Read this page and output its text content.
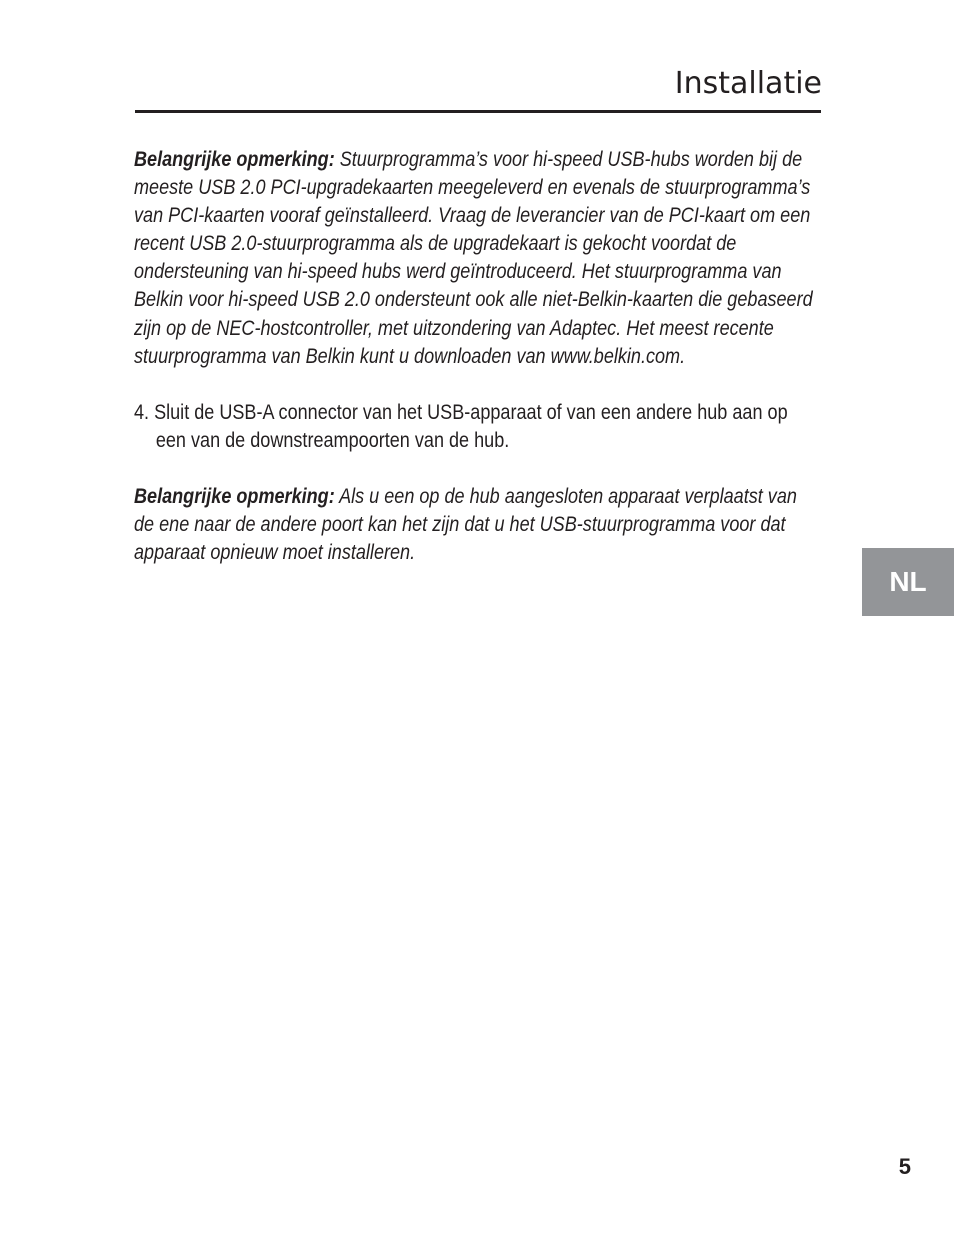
Installatie

Belangrijke opmerking: Stuurprogramma’s voor hi-speed USB-hubs worden bij de meeste USB 2.0 PCI-upgradekaarten meegeleverd en evenals de stuurprogramma’s van PCI-kaarten vooraf geïnstalleerd. Vraag de leverancier van de PCI-kaart om een recent USB 2.0-stuurprogramma als de upgradekaart is gekocht voordat de ondersteuning van hi-speed hubs werd geïntroduceerd. Het stuurprogramma van Belkin voor hi-speed USB 2.0 ondersteunt ook alle niet-Belkin-kaarten die gebaseerd zijn op de NEC-hostcontroller, met uitzondering van Adaptec. Het meest recente stuurprogramma van Belkin kunt u downloaden van www.belkin.com.

4. Sluit de USB-A connector van het USB-apparaat of van een andere hub aan op een van de downstreampoorten van de hub.

Belangrijke opmerking: Als u een op de hub aangesloten apparaat verplaatst van de ene naar de andere poort kan het zijn dat u het USB-stuurprogramma voor dat apparaat opnieuw moet installeren.

NL
5
